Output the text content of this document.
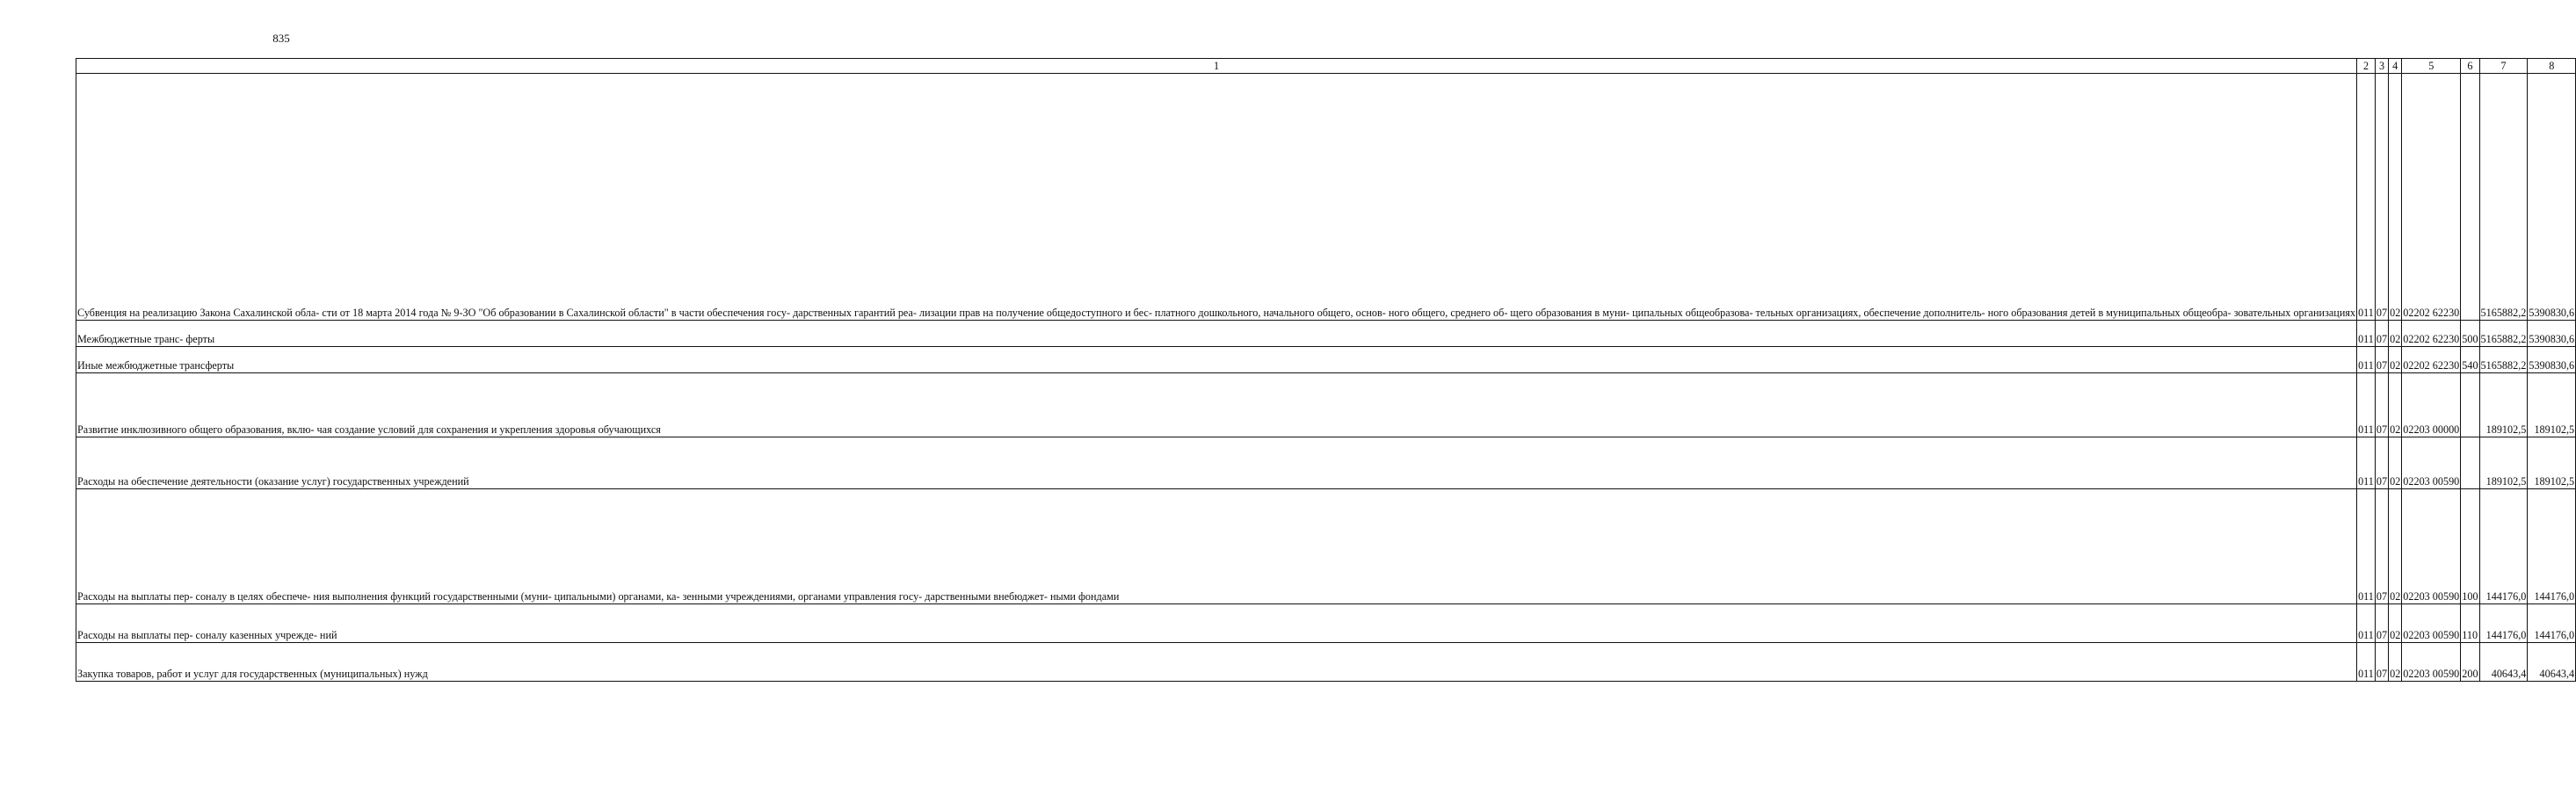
835
1	2	3	4	5	6	7	8
Субвенция на реализацию Закона Сахалинской обла- сти от 18 марта 2014 года № 9-ЗО "Об образовании в Сахалинской области" в части обеспечения госу- дарственных гарантий реа- лизации прав на получение общедоступного и бес- платного дошкольного, начального общего, основ- ного общего, среднего об- щего образования в муни- ципальных общеобразова- тельных организациях, обеспечение дополнитель- ного образования детей в муниципальных общеобра- зовательных организациях	011	07	02	02202 62230		5165882,2	5390830,6
Межбюджетные транс- ферты	011	07	02	02202 62230	500	5165882,2	5390830,6
Иные межбюджетные трансферты	011	07	02	02202 62230	540	5165882,2	5390830,6
Развитие инклюзивного общего образования, вклю- чая создание условий для сохранения и укрепления здоровья обучающихся	011	07	02	02203 00000		189102,5	189102,5
Расходы на обеспечение деятельности (оказание услуг) государственных учреждений	011	07	02	02203 00590		189102,5	189102,5
Расходы на выплаты пер- соналу в целях обеспече- ния выполнения функций государственными (муни- ципальными) органами, ка- зенными учреждениями, органами управления госу- дарственными внебюджет- ными фондами	011	07	02	02203 00590	100	144176,0	144176,0
Расходы на выплаты пер- соналу казенных учрежде- ний	011	07	02	02203 00590	110	144176,0	144176,0
Закупка товаров, работ и услуг для государственных (муниципальных) нужд	011	07	02	02203 00590	200	40643,4	40643,4
